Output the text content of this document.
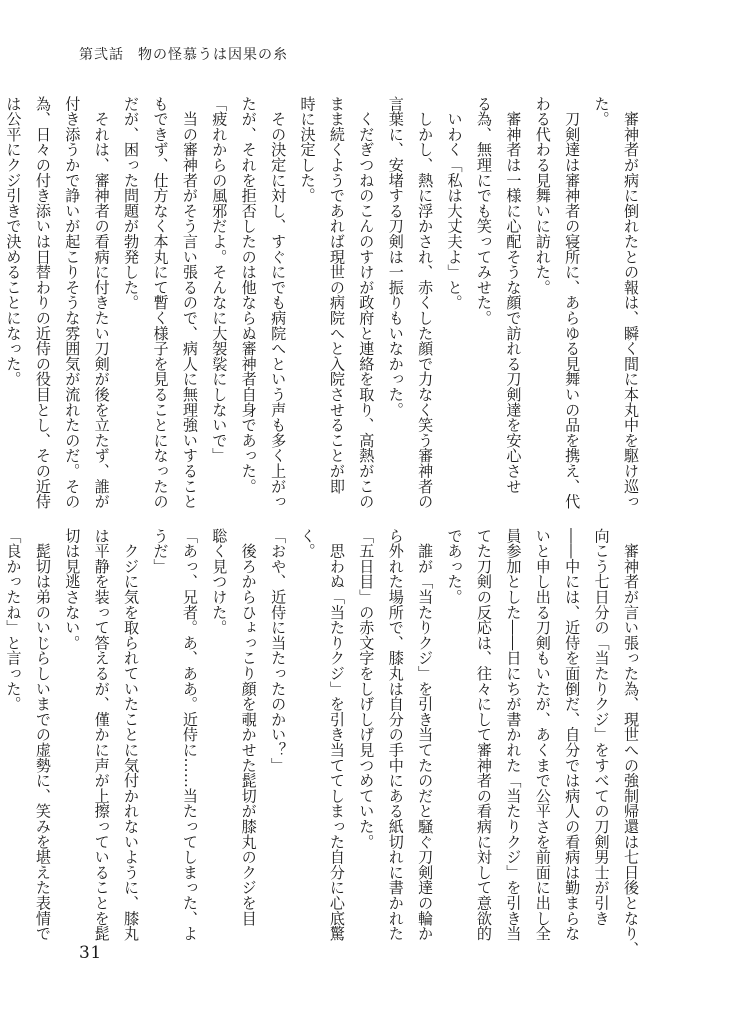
第弐話 物の怪慕うは因果の糸

　審神者が病に倒れたとの報は、瞬く間に本丸中を駆け巡っ

た。

　刀剣達は審神者の寝所に、あらゆる見舞いの品を携え、代

わる代わる見舞いに訪れた。

　審神者は一様に心配そうな顔で訪れる刀剣達を安心させ

る為、無理にでも笑ってみせた。

　いわく「私は大丈夫よ」と。

　しかし、熱に浮かされ、赤くした顔で力なく笑う審神者の

言葉に、安堵する刀剣は一振りもいなかった。

　くだぎつねのこんのすけが政府と連絡を取り、高熱がこの

まま続くようであれば現世の病院へと入院させることが即

時に決定した。

　その決定に対し、すぐにでも病院へという声も多く上がっ

たが、それを拒否したのは他ならぬ審神者自身であった。

「疲れからの風邪だよ。そんなに大袈裟にしないで」

　当の審神者がそう言い張るので、病人に無理強いすること

もできず、仕方なく本丸にて暫く様子を見ることになったの

だが、困った問題が勃発した。

　それは、審神者の看病に付きたい刀剣が後を立たず、誰が

付き添うかで諍いが起こりそうな雰囲気が流れたのだ。その

為、日々の付き添いは日替わりの近侍の役目とし、その近侍

は公平にクジ引きで決めることになった。

　審神者が言い張った為、現世への強制帰還は七日後となり、

向こう七日分の「当たりクジ」をすべての刀剣男士が引き

――中には、近侍を面倒だ、自分では病人の看病は勤まらな

いと申し出る刀剣もいたが、あくまで公平さを前面に出し全

員参加とした――日にちが書かれた「当たりクジ」を引き当

てた刀剣の反応は、往々にして審神者の看病に対して意欲的

であった。

　誰が「当たりクジ」を引き当てたのだと騒ぐ刀剣達の輪か

ら外れた場所で、膝丸は自分の手中にある紙切れに書かれた

「五日目」の赤文字をしげしげ見つめていた。

　思わぬ「当たりクジ」を引き当ててしまった自分に心底驚

く。

「おや、近侍に当たったのかい？」

　後ろからひょっこり顔を覗かせた髭切が膝丸のクジを目

聡く見つけた。

「あっ、兄者。あ、ああ。近侍に……当たってしまった、よ

うだ」

　クジに気を取られていたことに気付かれないように、膝丸

は平静を装って答えるが、僅かに声が上擦っていることを髭

切は見逃さない。

　髭切は弟のいじらしいまでの虚勢に、笑みを堪えた表情で

「良かったね」と言った。

31
